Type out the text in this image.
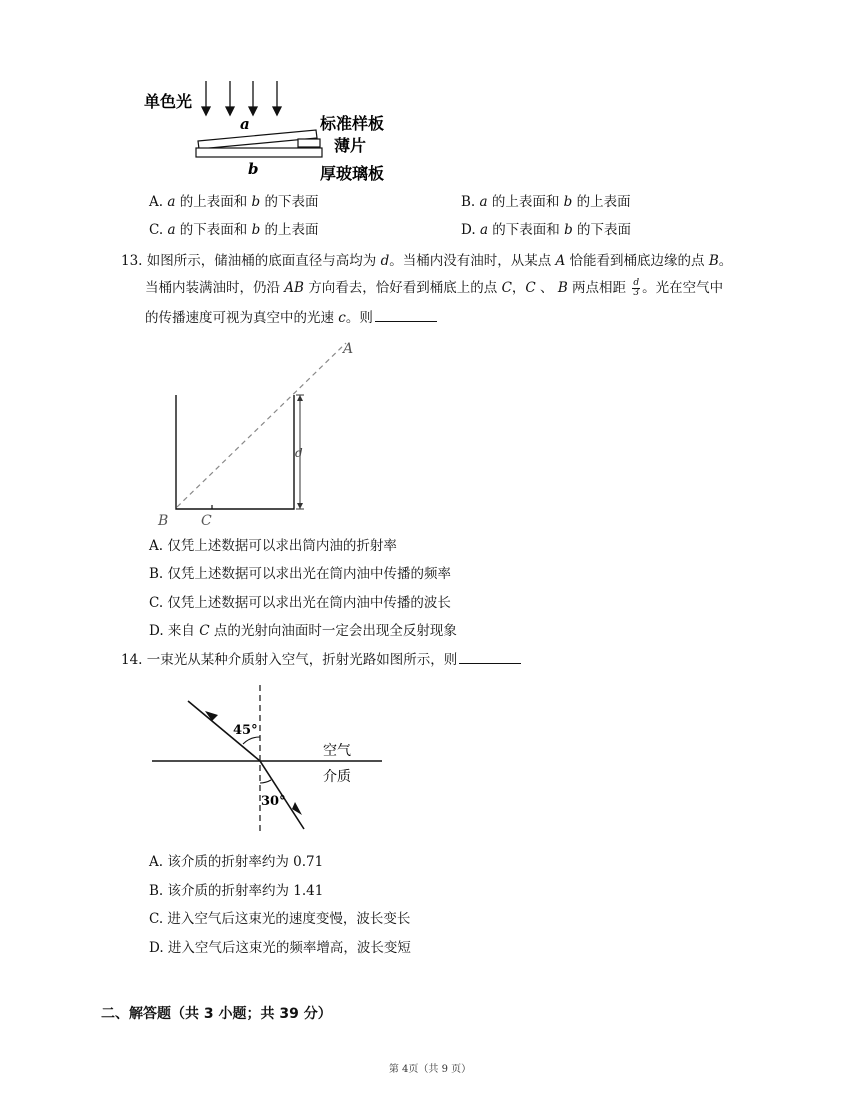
单色光
a	标准样板
薄片
b	厚玻璃板
A. a 的上表面和 b 的下表面	B. a 的上表面和 b 的上表面
C. a 的下表面和 b 的上表面	D. a 的下表面和 b 的下表面
13. 如图所示，储油桶的底面直径与高均为 d。当桶内没有油时，从某点 A 恰能看到桶底边缘的点 B。
当桶内装满油时，仍沿 AB 方向看去，恰好看到桶底上的点 C，C 、 B 两点相距 $\frac{d}{3}$ 。光在空气中
的传播速度可视为真空中的光速 c。则
d
A
B C
A. 仅凭上述数据可以求出筒内油的折射率
B. 仅凭上述数据可以求出光在筒内油中传播的频率
C. 仅凭上述数据可以求出光在筒内油中传播的波长
D. 来自 C 点的光射向油面时一定会出现全反射现象
14. 一束光从某种介质射入空气，折射光路如图所示，则
45°
30°
空气
介质
A. 该介质的折射率约为 0.71
B. 该介质的折射率约为 1.41
C. 进入空气后这束光的速度变慢，波长变长
D. 进入空气后这束光的频率增高，波长变短
二、解答题（共 3 小题；共 39 分）
第 4页（共 9 页）
